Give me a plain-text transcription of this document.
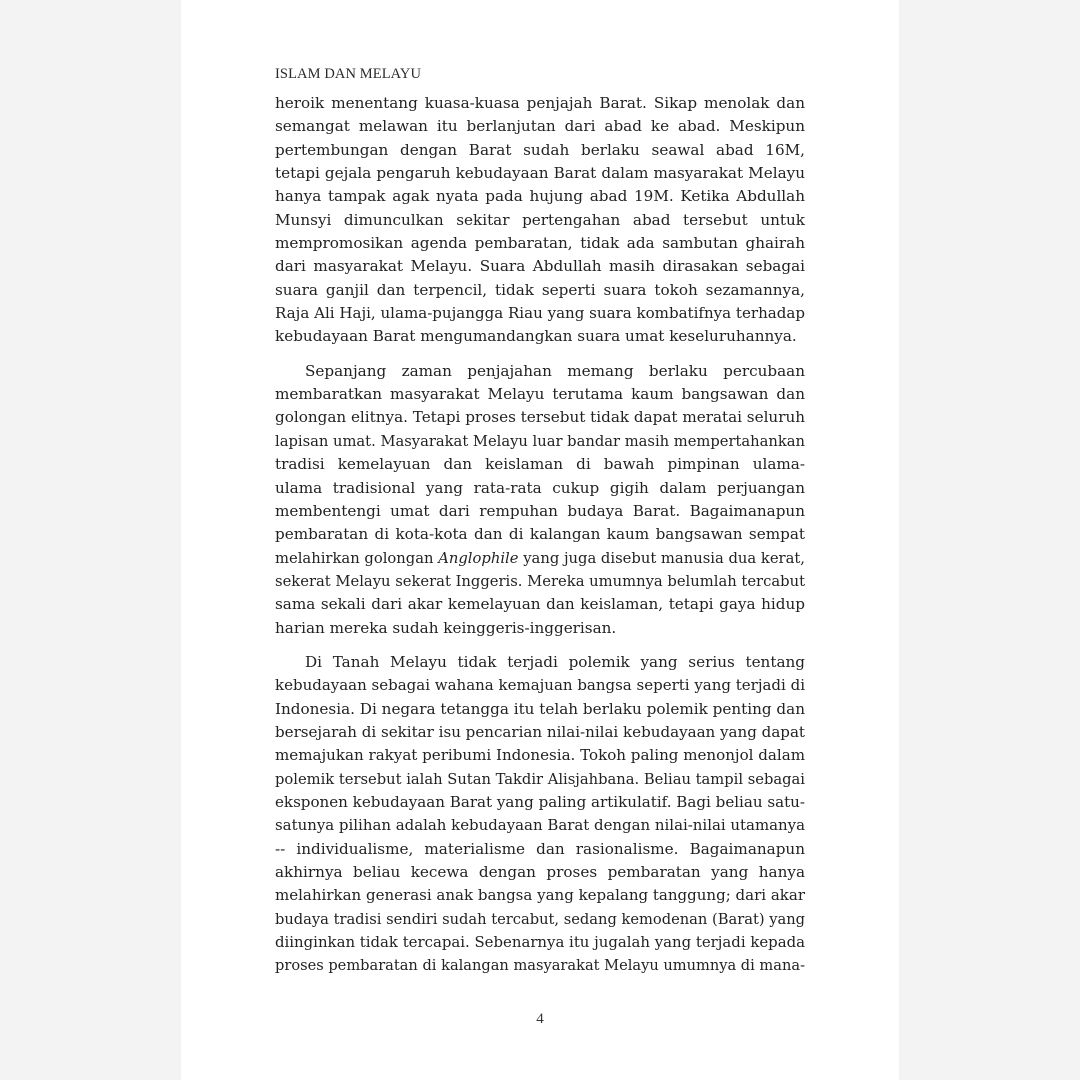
ISLAM DAN MELAYU
heroik menentang kuasa-kuasa penjajah Barat. Sikap menolak dan
semangat melawan itu berlanjutan dari abad ke abad. Meskipun
pertembungan dengan Barat sudah berlaku seawal abad 16M,
tetapi gejala pengaruh kebudayaan Barat dalam masyarakat Melayu
hanya tampak agak nyata pada hujung abad 19M. Ketika Abdullah
Munsyi dimunculkan sekitar pertengahan abad tersebut untuk
mempromosikan agenda pembaratan, tidak ada sambutan ghairah
dari masyarakat Melayu. Suara Abdullah masih dirasakan sebagai
suara ganjil dan terpencil, tidak seperti suara tokoh sezamannya,
Raja Ali Haji, ulama-pujangga Riau yang suara kombatifnya terhadap
kebudayaan Barat mengumandangkan suara umat keseluruhannya.
Sepanjang zaman penjajahan memang berlaku percubaan
membaratkan masyarakat Melayu terutama kaum bangsawan dan
golongan elitnya. Tetapi proses tersebut tidak dapat meratai seluruh
lapisan umat. Masyarakat Melayu luar bandar masih mempertahankan
tradisi kemelayuan dan keislaman di bawah pimpinan ulama-
ulama tradisional yang rata-rata cukup gigih dalam perjuangan
membentengi umat dari rempuhan budaya Barat. Bagaimanapun
pembaratan di kota-kota dan di kalangan kaum bangsawan sempat
melahirkan golongan Anglophile yang juga disebut manusia dua kerat,
sekerat Melayu sekerat Inggeris. Mereka umumnya belumlah tercabut
sama sekali dari akar kemelayuan dan keislaman, tetapi gaya hidup
harian mereka sudah keinggeris-inggerisan.
Di Tanah Melayu tidak terjadi polemik yang serius tentang
kebudayaan sebagai wahana kemajuan bangsa seperti yang terjadi di
Indonesia. Di negara tetangga itu telah berlaku polemik penting dan
bersejarah di sekitar isu pencarian nilai-nilai kebudayaan yang dapat
memajukan rakyat peribumi Indonesia. Tokoh paling menonjol dalam
polemik tersebut ialah Sutan Takdir Alisjahbana. Beliau tampil sebagai
eksponen kebudayaan Barat yang paling artikulatif. Bagi beliau satu-
satunya pilihan adalah kebudayaan Barat dengan nilai-nilai utamanya
-- individualisme, materialisme dan rasionalisme. Bagaimanapun
akhirnya beliau kecewa dengan proses pembaratan yang hanya
melahirkan generasi anak bangsa yang kepalang tanggung; dari akar
budaya tradisi sendiri sudah tercabut, sedang kemodenan (Barat) yang
diinginkan tidak tercapai. Sebenarnya itu jugalah yang terjadi kepada
proses pembaratan di kalangan masyarakat Melayu umumnya di mana-
4
